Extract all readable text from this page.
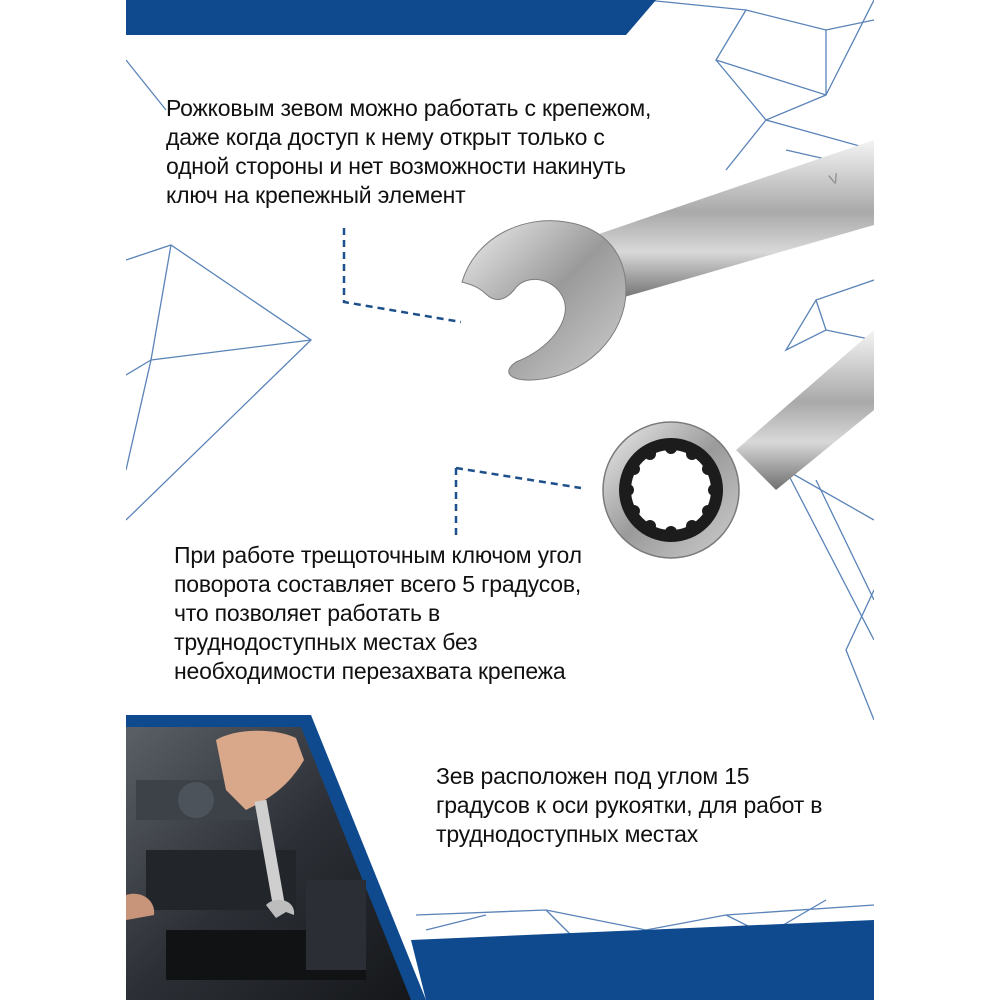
V

Рожковым зевом можно работать с крепежом,
даже когда доступ к нему открыт только с
одной стороны и нет возможности накинуть
ключ на крепежный элемент

При работе трещоточным ключом угол
поворота составляет всего 5 градусов,
что позволяет работать в
труднодоступных местах без
необходимости перезахвата крепежа

Зев расположен под углом 15
градусов к оси рукоятки, для работ в
труднодоступных местах
